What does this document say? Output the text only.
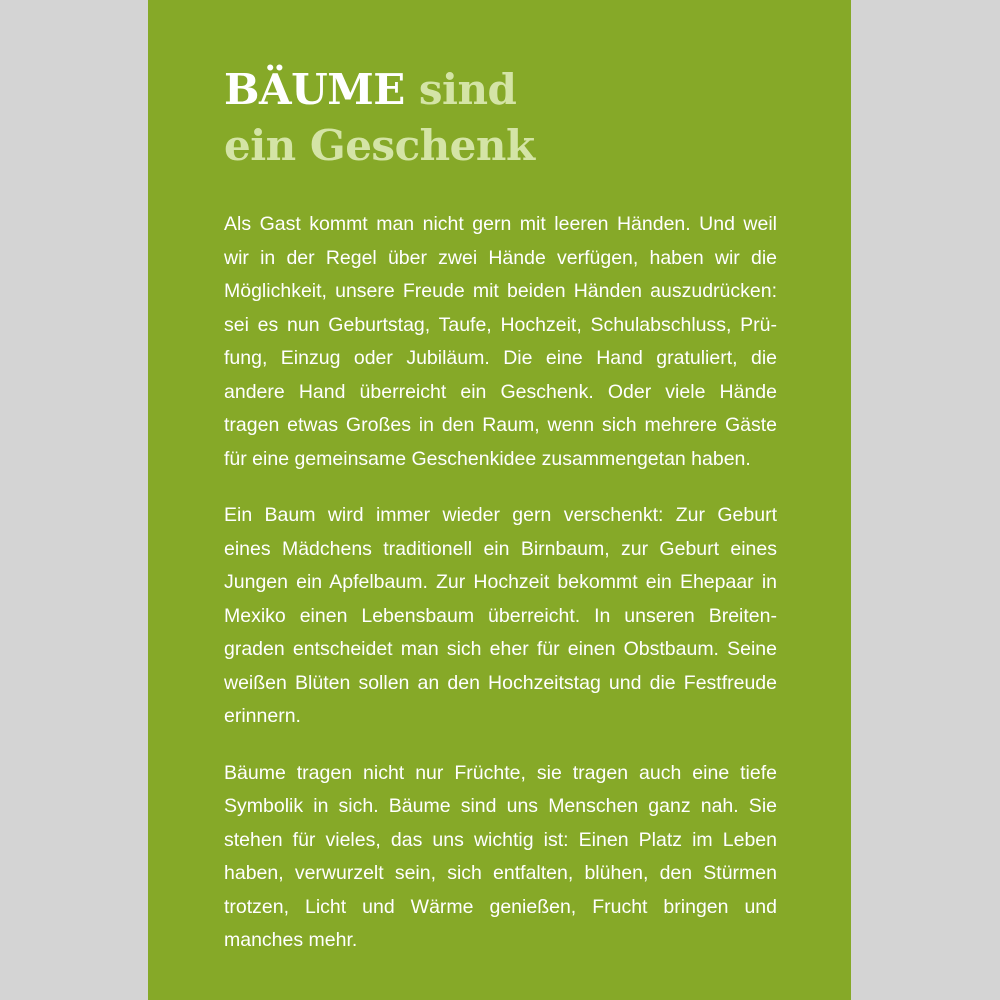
BÄUME sind
ein Geschenk

Als Gast kommt man nicht gern mit leeren Händen. Und weil
wir in der Regel über zwei Hände verfügen, haben wir die
Möglichkeit, unsere Freude mit beiden Händen auszudrücken:
sei es nun Geburtstag, Taufe, Hochzeit, Schulabschluss, Prü-
fung, Einzug oder Jubiläum. Die eine Hand gratuliert, die
andere Hand überreicht ein Geschenk. Oder viele Hände
tragen etwas Großes in den Raum, wenn sich mehrere Gäste
für eine gemeinsame Geschenkidee zusammengetan haben.

Ein Baum wird immer wieder gern verschenkt: Zur Geburt
eines Mädchens traditionell ein Birnbaum, zur Geburt eines
Jungen ein Apfelbaum. Zur Hochzeit bekommt ein Ehepaar in
Mexiko einen Lebensbaum überreicht. In unseren Breiten-
graden entscheidet man sich eher für einen Obstbaum. Seine
weißen Blüten sollen an den Hochzeitstag und die Festfreude
erinnern.

Bäume tragen nicht nur Früchte, sie tragen auch eine tiefe
Symbolik in sich. Bäume sind uns Menschen ganz nah. Sie
stehen für vieles, das uns wichtig ist: Einen Platz im Leben
haben, verwurzelt sein, sich entfalten, blühen, den Stürmen
trotzen, Licht und Wärme genießen, Frucht bringen und
manches mehr.
